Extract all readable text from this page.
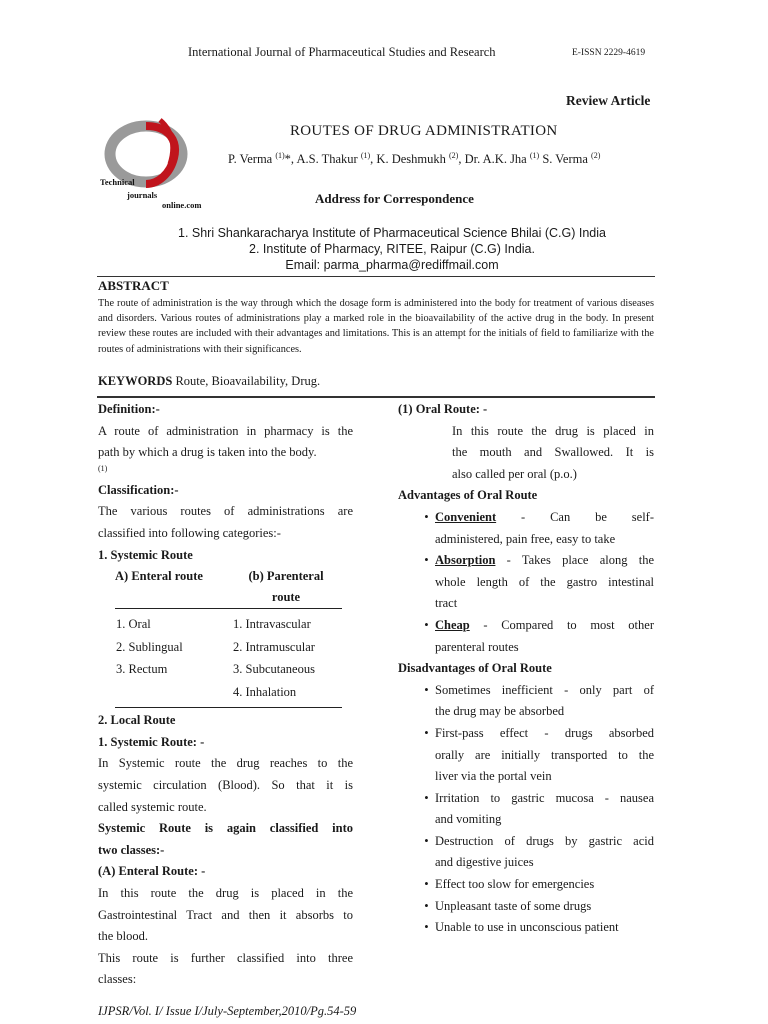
International Journal of Pharmaceutical Studies and Research	E-ISSN 2229-4619
Review Article
Technical
journals
online.com
ROUTES OF DRUG ADMINISTRATION
P. Verma $^{(1)}$*, A.S. Thakur $^{(1)}$, K. Deshmukh $^{(2)}$, Dr. A.K. Jha $^{(1)}$ S. Verma $^{(2)}$
Address for Correspondence
1. Shri Shankaracharya Institute of Pharmaceutical Science Bhilai (C.G) India
2. Institute of Pharmacy, RITEE, Raipur (C.G) India.
Email: parma_pharma@rediffmail.com
ABSTRACT
The route of administration is the way through which the dosage form is administered into the body for treatment of various diseases and disorders. Various routes of administrations play a marked role in the bioavailability of the active drug in the body. In present review these routes are included with their advantages and limitations. This is an attempt for the initials of field to familiarize with the routes of administrations with their significances.
KEYWORDS Route, Bioavailability, Drug.

Definition:-

A route of administration in pharmacy is the

path by which a drug is taken into the body.

(1)

Classification:-

The various routes of administrations are

classified into following categories:-

1. Systemic Route

A) Enteral route	(b) Parenteral
route

1. Oral	1. Intravascular
2. Sublingual	2. Intramuscular
3. Rectum	3. Subcutaneous
	4. Inhalation

2. Local Route

1. Systemic Route: -

In Systemic route the drug reaches to the

systemic circulation (Blood). So that it is

called systemic route.

Systemic Route is again classified into

two classes:-

(A) Enteral Route: -

In this route the drug is placed in the

Gastrointestinal Tract and then it absorbs to

the blood.

This route is further classified into three

classes:

(1) Oral Route: -

In this route the drug is placed in

the mouth and Swallowed. It is

also called per oral (p.o.)

Advantages of Oral Route

• Convenient - Can be self-

administered, pain free, easy to take

• Absorption - Takes place along the

whole length of the gastro intestinal

tract

• Cheap - Compared to most other

parenteral routes

Disadvantages of Oral Route

• Sometimes inefficient - only part of

the drug may be absorbed

• First-pass effect - drugs absorbed

orally are initially transported to the

liver via the portal vein

• Irritation to gastric mucosa - nausea

and vomiting

• Destruction of drugs by gastric acid

and digestive juices

• Effect too slow for emergencies

• Unpleasant taste of some drugs

• Unable to use in unconscious patient

IJPSR/Vol. I/ Issue I/July-September,2010/Pg.54-59
